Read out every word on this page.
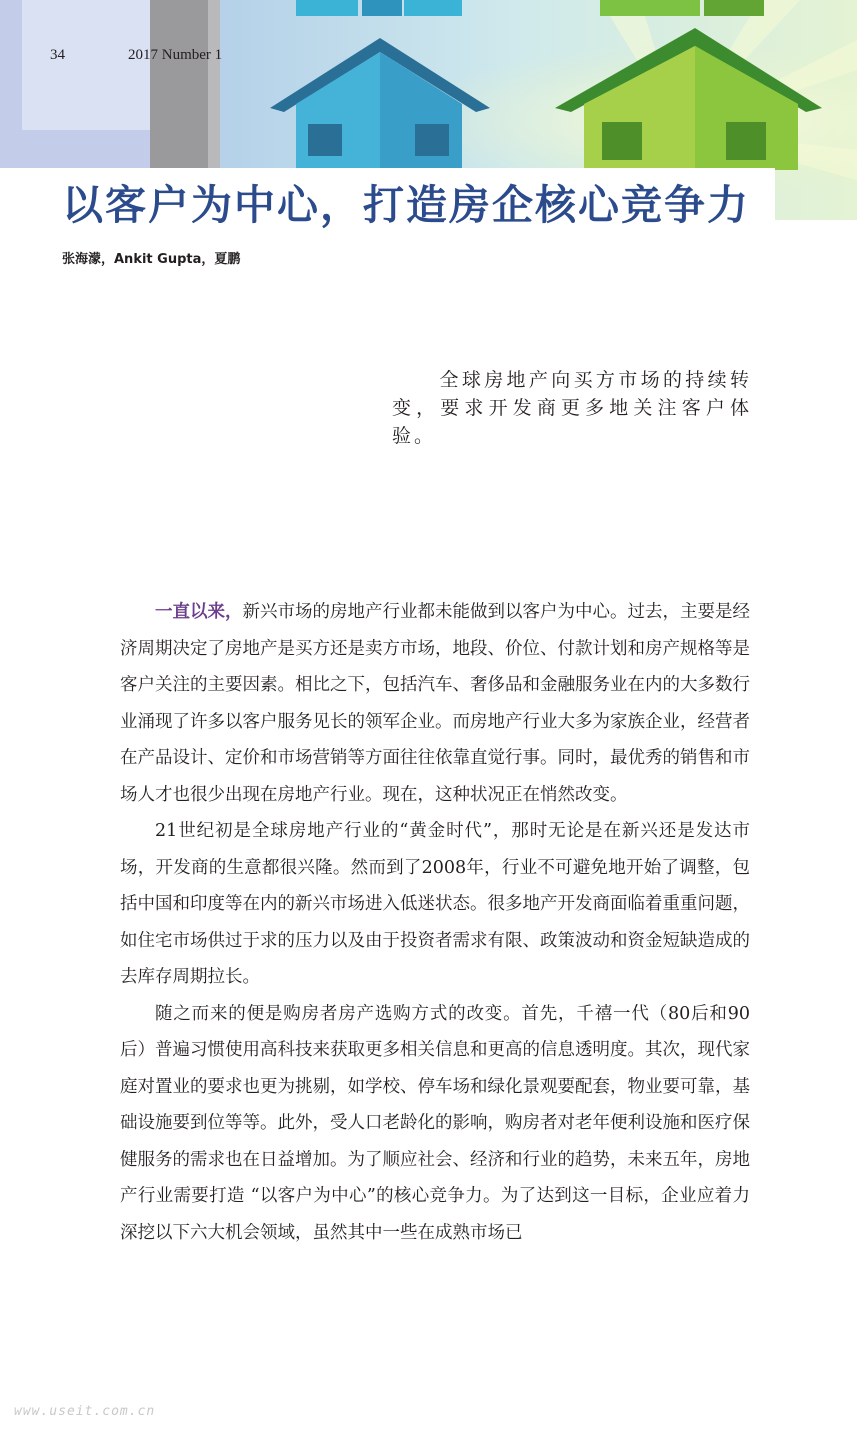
34	2017 Number 1
以客户为中心，打造房企核心竞争力
张海濛，Ankit Gupta，夏鹏
全球房地产向买方市场的持续转变，要求开发商更多地关注客户体验。

一直以来，新兴市场的房地产行业都未能做到以客户为中心。过去，主要是经济周期决定了房地产是买方还是卖方市场，地段、价位、付款计划和房产规格等是客户关注的主要因素。相比之下，包括汽车、奢侈品和金融服务业在内的大多数行业涌现了许多以客户服务见长的领军企业。而房地产行业大多为家族企业，经营者在产品设计、定价和市场营销等方面往往依靠直觉行事。同时，最优秀的销售和市场人才也很少出现在房地产行业。现在，这种状况正在悄然改变。

21世纪初是全球房地产行业的“黄金时代”，那时无论是在新兴还是发达市场，开发商的生意都很兴隆。然而到了2008年，行业不可避免地开始了调整，包括中国和印度等在内的新兴市场进入低迷状态。很多地产开发商面临着重重问题，如住宅市场供过于求的压力以及由于投资者需求有限、政策波动和资金短缺造成的去库存周期拉长。

随之而来的便是购房者房产选购方式的改变。首先，千禧一代（80后和90后）普遍习惯使用高科技来获取更多相关信息和更高的信息透明度。其次，现代家庭对置业的要求也更为挑剔，如学校、停车场和绿化景观要配套，物业要可靠，基础设施要到位等等。此外，受人口老龄化的影响，购房者对老年便利设施和医疗保健服务的需求也在日益增加。为了顺应社会、经济和行业的趋势，未来五年，房地产行业需要打造 “以客户为中心”的核心竞争力。为了达到这一目标，企业应着力深挖以下六大机会领域，虽然其中一些在成熟市场已

www.useit.com.cn
